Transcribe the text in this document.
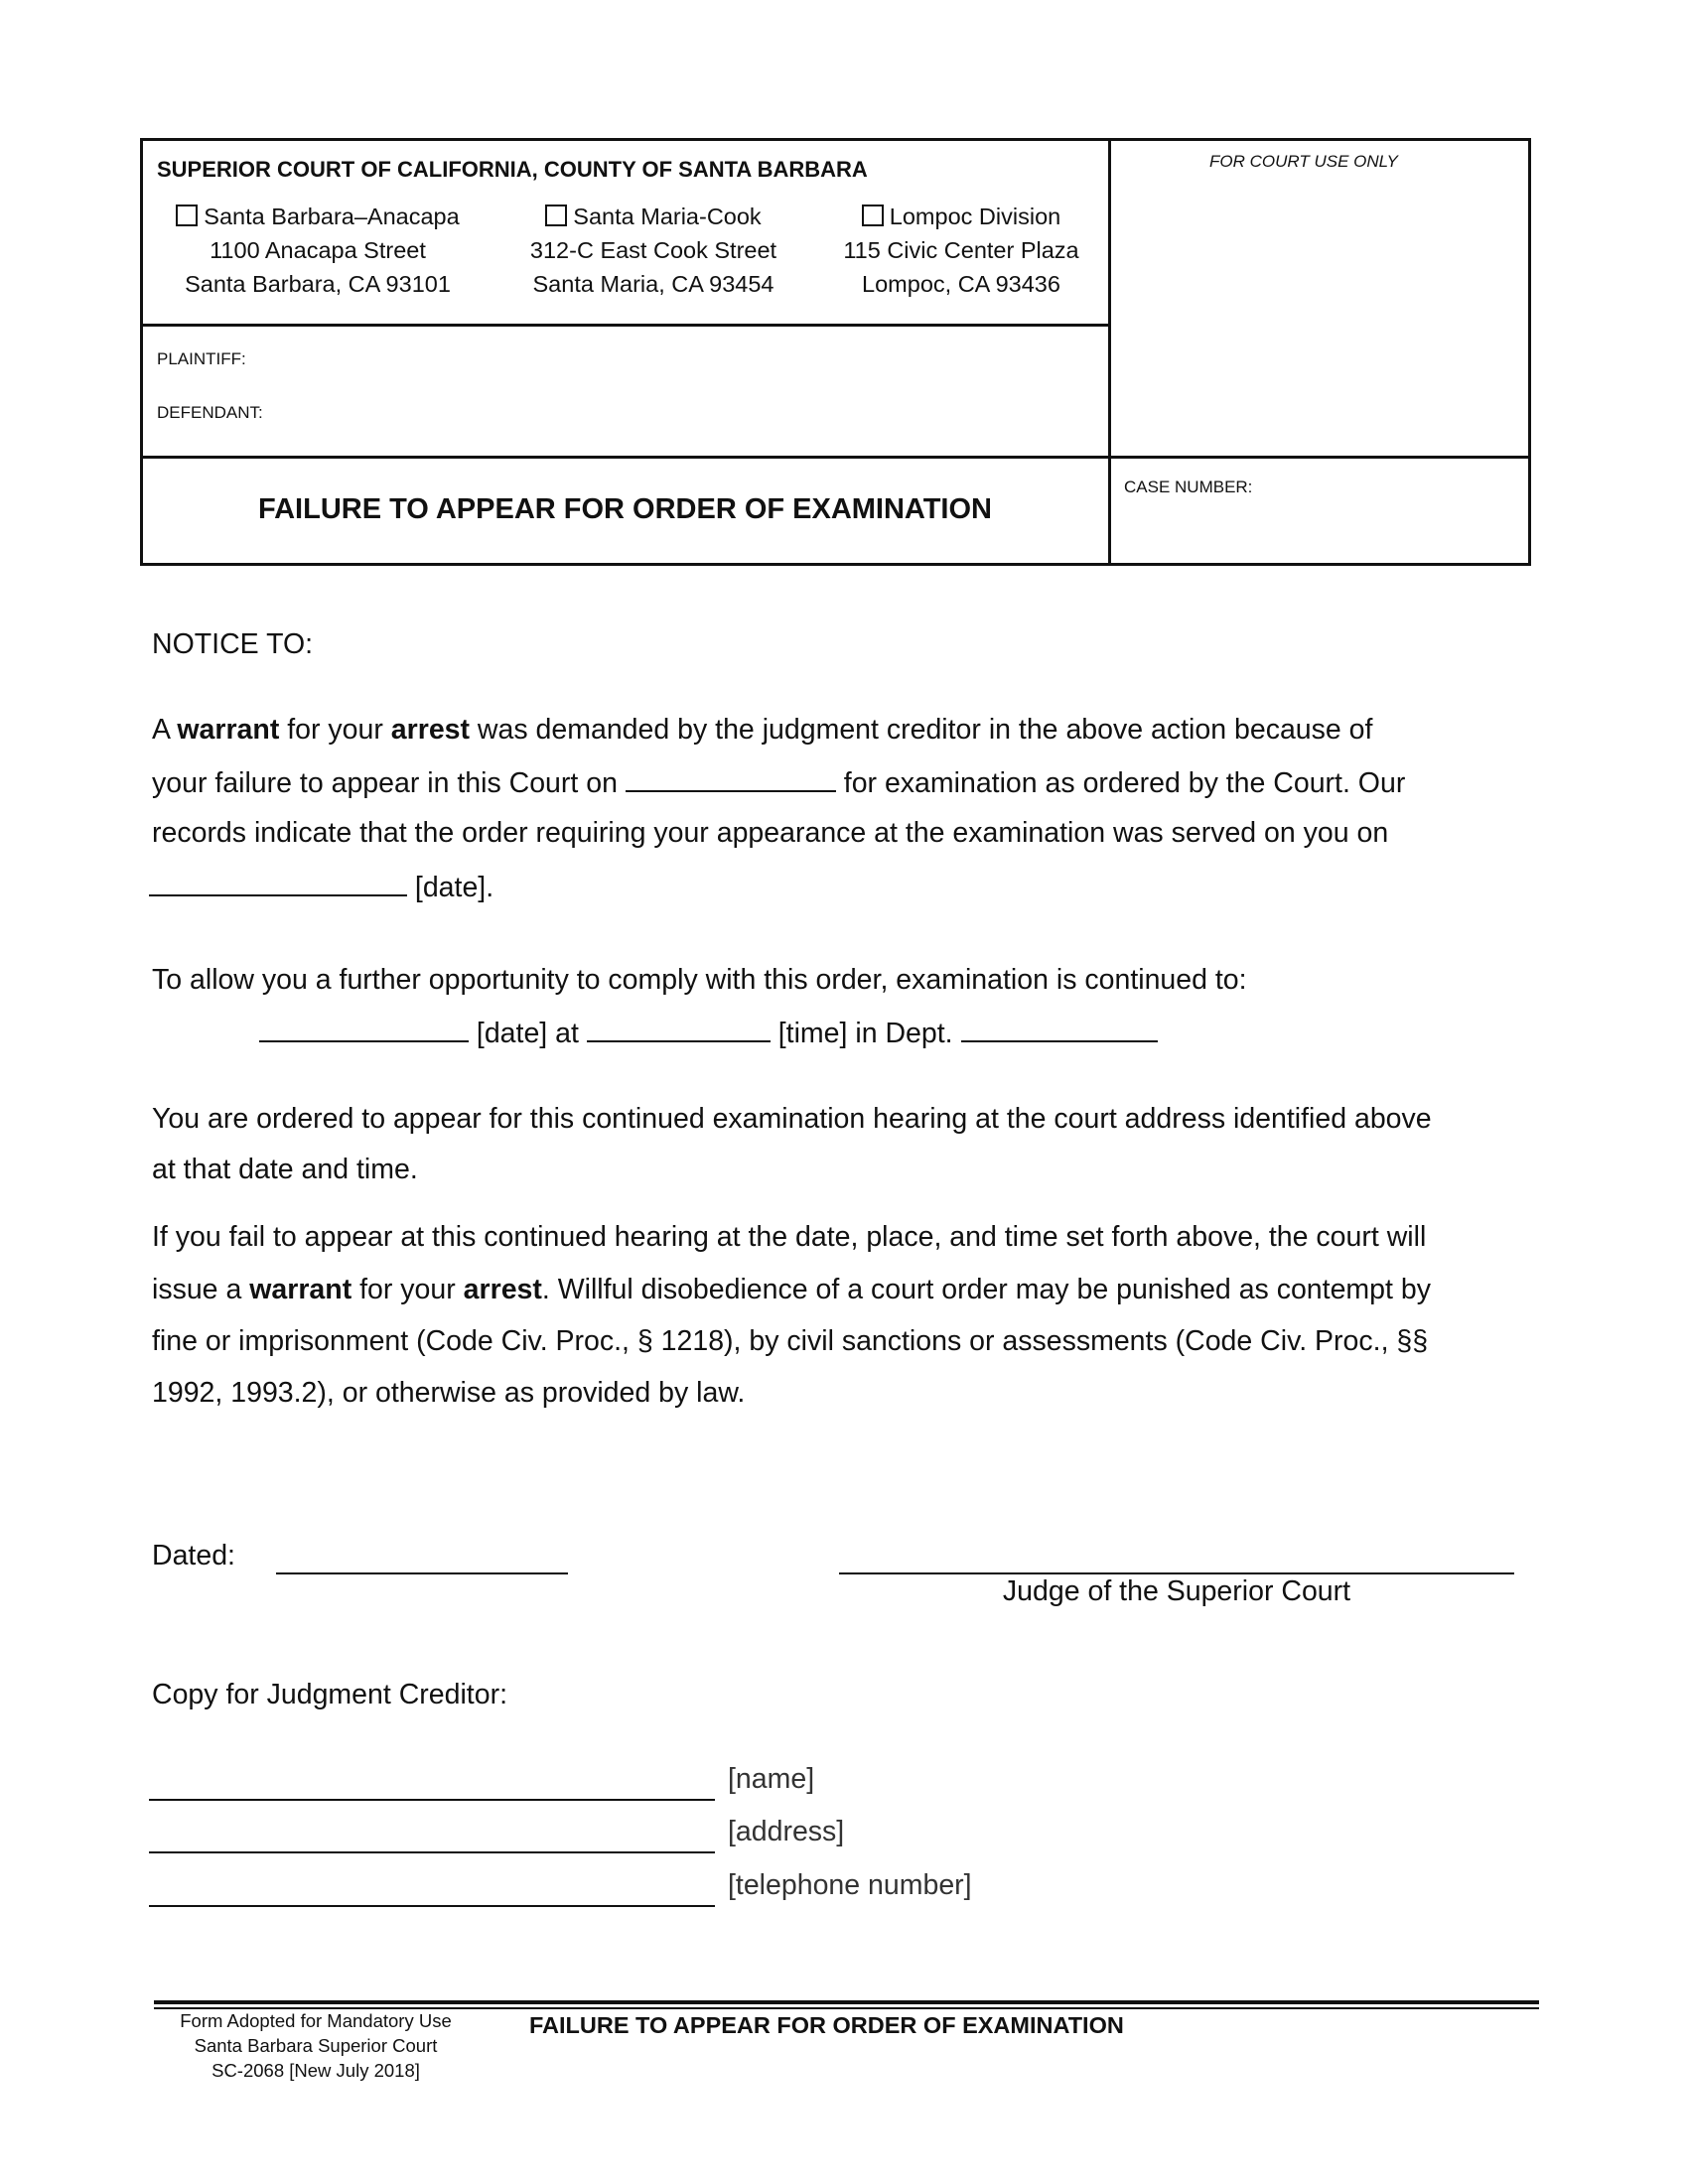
SUPERIOR COURT OF CALIFORNIA, COUNTY OF SANTA BARBARA	FOR COURT USE ONLY
Santa Barbara–Anacapa
1100 Anacapa Street
Santa Barbara, CA 93101
Santa Maria-Cook
312-C East Cook Street
Santa Maria, CA 93454
Lompoc Division
115 Civic Center Plaza
Lompoc, CA 93436
PLAINTIFF:
DEFENDANT:
FAILURE TO APPEAR FOR ORDER OF EXAMINATION
CASE NUMBER:
NOTICE TO:
A warrant for your arrest was demanded by the judgment creditor in the above action because of
your failure to appear in this Court on	for examination as ordered by the Court. Our
records indicate that the order requiring your appearance at the examination was served on you on
[date].
To allow you a further opportunity to comply with this order, examination is continued to:
[date] at	[time] in Dept.
You are ordered to appear for this continued examination hearing at the court address identified above
at that date and time.
If you fail to appear at this continued hearing at the date, place, and time set forth above, the court will
issue a warrant for your arrest. Willful disobedience of a court order may be punished as contempt by
fine or imprisonment (Code Civ. Proc., § 1218), by civil sanctions or assessments (Code Civ. Proc., §§
1992, 1993.2), or otherwise as provided by law.
Dated:
Judge of the Superior Court
Copy for Judgment Creditor:
[name]
[address]
[telephone number]
Form Adopted for Mandatory Use
Santa Barbara Superior Court
SC-2068 [New July 2018]
FAILURE TO APPEAR FOR ORDER OF EXAMINATION
